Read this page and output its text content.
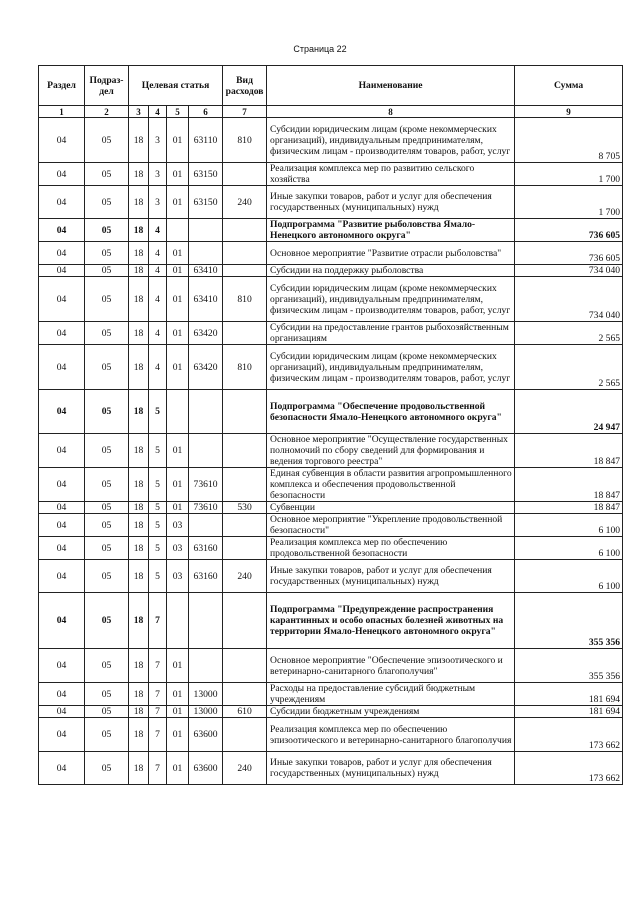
Страница 22
Раздел	Подраз-дел	Целевая статья				Вид расходов	Наименование	Сумма
1	2	3	4	5	6	7	8	9
04	05	18	3	01	63110	810	Субсидии юридическим лицам (кроме некоммерческих организаций), индивидуальным предпринимателям, физическим лицам - производителям товаров, работ, услуг	8 705
04	05	18	3	01	63150		Реализация комплекса мер по развитию сельского хозяйства	1 700
04	05	18	3	01	63150	240	Иные закупки товаров, работ и услуг для обеспечения государственных (муниципальных) нужд	1 700
04	05	18	4				Подпрограмма "Развитие рыболовства Ямало-Ненецкого автономного округа"	736 605
04	05	18	4	01			Основное мероприятие "Развитие отрасли рыболовства"	736 605
04	05	18	4	01	63410		Субсидии на поддержку рыболовства	734 040
04	05	18	4	01	63410	810	Субсидии юридическим лицам (кроме некоммерческих организаций), индивидуальным предпринимателям, физическим лицам - производителям товаров, работ, услуг	734 040
04	05	18	4	01	63420		Субсидии на предоставление грантов рыбохозяйственным организациям	2 565
04	05	18	4	01	63420	810	Субсидии юридическим лицам (кроме некоммерческих организаций), индивидуальным предпринимателям, физическим лицам - производителям товаров, работ, услуг	2 565
04	05	18	5				Подпрограмма "Обеспечение продовольственной безопасности Ямало-Ненецкого автономного округа"	24 947
04	05	18	5	01			Основное мероприятие "Осуществление государственных полномочий по сбору сведений для формирования и ведения торгового реестра"	18 847
04	05	18	5	01	73610		Единая субвенция в области развития агропромышленного комплекса и обеспечения продовольственной безопасности	18 847
04	05	18	5	01	73610	530	Субвенции	18 847
04	05	18	5	03			Основное мероприятие "Укрепление продовольственной безопасности"	6 100
04	05	18	5	03	63160		Реализация комплекса мер по обеспечению продовольственной безопасности	6 100
04	05	18	5	03	63160	240	Иные закупки товаров, работ и услуг для обеспечения государственных (муниципальных) нужд	6 100
04	05	18	7				Подпрограмма "Предупреждение распространения карантинных и особо опасных болезней животных на территории Ямало-Ненецкого автономного округа"	355 356
04	05	18	7	01			Основное мероприятие "Обеспечение эпизоотического и ветеринарно-санитарного благополучия"	355 356
04	05	18	7	01	13000		Расходы на предоставление субсидий бюджетным учреждениям	181 694
04	05	18	7	01	13000	610	Субсидии бюджетным учреждениям	181 694
04	05	18	7	01	63600		Реализация комплекса мер по обеспечению эпизоотического и ветеринарно-санитарного благополучия	173 662
04	05	18	7	01	63600	240	Иные закупки товаров, работ и услуг для обеспечения государственных (муниципальных) нужд	173 662
